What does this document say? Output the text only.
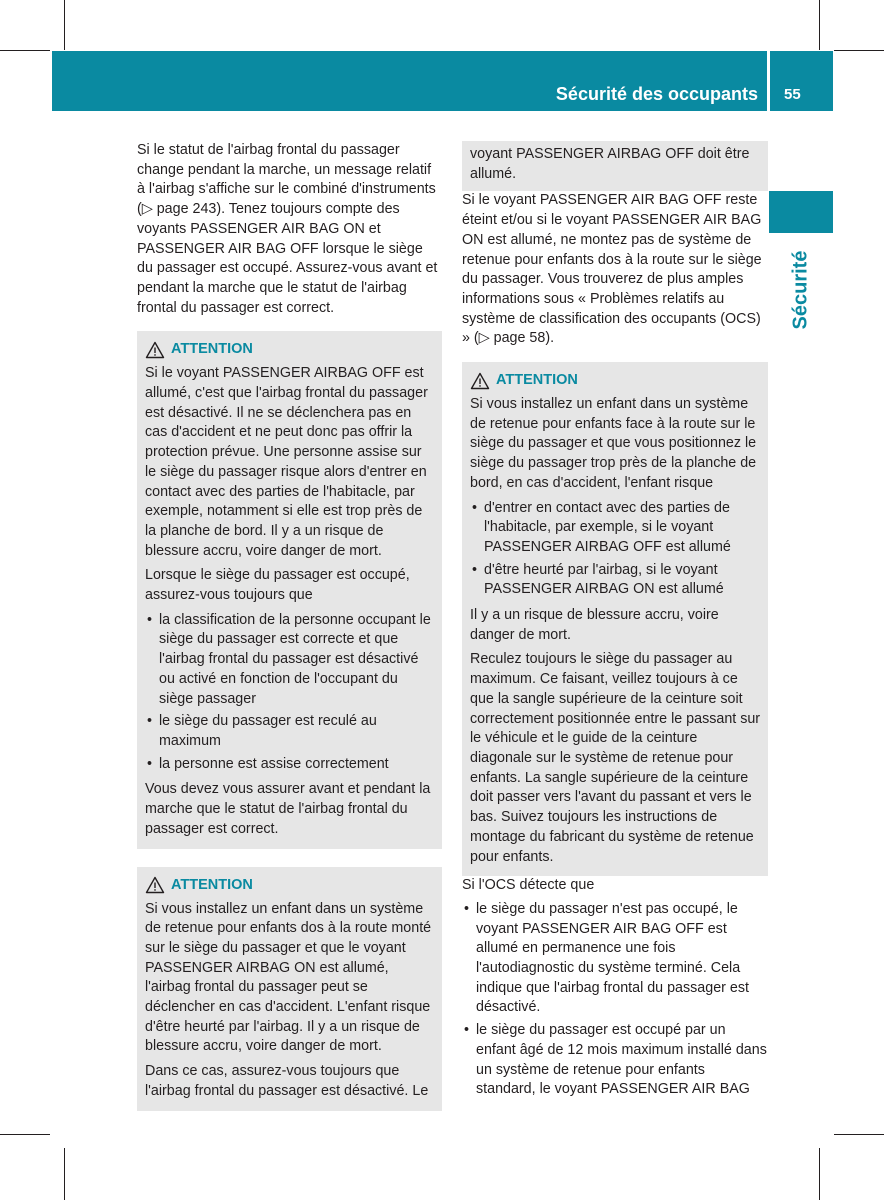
Sécurité des occupants 55
Sécurité

Si le statut de l'airbag frontal du passager change pendant la marche, un message relatif à l'airbag s'affiche sur le combiné d'instruments (▷ page 243). Tenez toujours compte des voyants PASSENGER AIR BAG ON et PASSENGER AIR BAG OFF lorsque le siège du passager est occupé. Assurez-vous avant et pendant la marche que le statut de l'airbag frontal du passager est correct.

ATTENTION

Si le voyant PASSENGER AIRBAG OFF est allumé, c'est que l'airbag frontal du passager est désactivé. Il ne se déclenchera pas en cas d'accident et ne peut donc pas offrir la protection prévue. Une personne assise sur le siège du passager risque alors d'entrer en contact avec des parties de l'habitacle, par exemple, notamment si elle est trop près de la planche de bord. Il y a un risque de blessure accru, voire danger de mort.

Lorsque le siège du passager est occupé, assurez-vous toujours que

• la classification de la personne occupant le siège du passager est correcte et que l'airbag frontal du passager est désactivé ou activé en fonction de l'occupant du siège passager
• le siège du passager est reculé au maximum
• la personne est assise correctement

Vous devez vous assurer avant et pendant la marche que le statut de l'airbag frontal du passager est correct.

ATTENTION

Si vous installez un enfant dans un système de retenue pour enfants dos à la route monté sur le siège du passager et que le voyant PASSENGER AIRBAG ON est allumé, l'airbag frontal du passager peut se déclencher en cas d'accident. L'enfant risque d'être heurté par l'airbag. Il y a un risque de blessure accru, voire danger de mort.

Dans ce cas, assurez-vous toujours que l'airbag frontal du passager est désactivé. Le

voyant PASSENGER AIRBAG OFF doit être allumé.

Si le voyant PASSENGER AIR BAG OFF reste éteint et/ou si le voyant PASSENGER AIR BAG ON est allumé, ne montez pas de système de retenue pour enfants dos à la route sur le siège du passager. Vous trouverez de plus amples informations sous « Problèmes relatifs au système de classification des occupants (OCS) » (▷ page 58).

ATTENTION

Si vous installez un enfant dans un système de retenue pour enfants face à la route sur le siège du passager et que vous positionnez le siège du passager trop près de la planche de bord, en cas d'accident, l'enfant risque

• d'entrer en contact avec des parties de l'habitacle, par exemple, si le voyant PASSENGER AIRBAG OFF est allumé
• d'être heurté par l'airbag, si le voyant PASSENGER AIRBAG ON est allumé

Il y a un risque de blessure accru, voire danger de mort.

Reculez toujours le siège du passager au maximum. Ce faisant, veillez toujours à ce que la sangle supérieure de la ceinture soit correctement positionnée entre le passant sur le véhicule et le guide de la ceinture diagonale sur le système de retenue pour enfants. La sangle supérieure de la ceinture doit passer vers l'avant du passant et vers le bas. Suivez toujours les instructions de montage du fabricant du système de retenue pour enfants.

Si l'OCS détecte que

• le siège du passager n'est pas occupé, le voyant PASSENGER AIR BAG OFF est allumé en permanence une fois l'autodiagnostic du système terminé. Cela indique que l'airbag frontal du passager est désactivé.
• le siège du passager est occupé par un enfant âgé de 12 mois maximum installé dans un système de retenue pour enfants standard, le voyant PASSENGER AIR BAG
